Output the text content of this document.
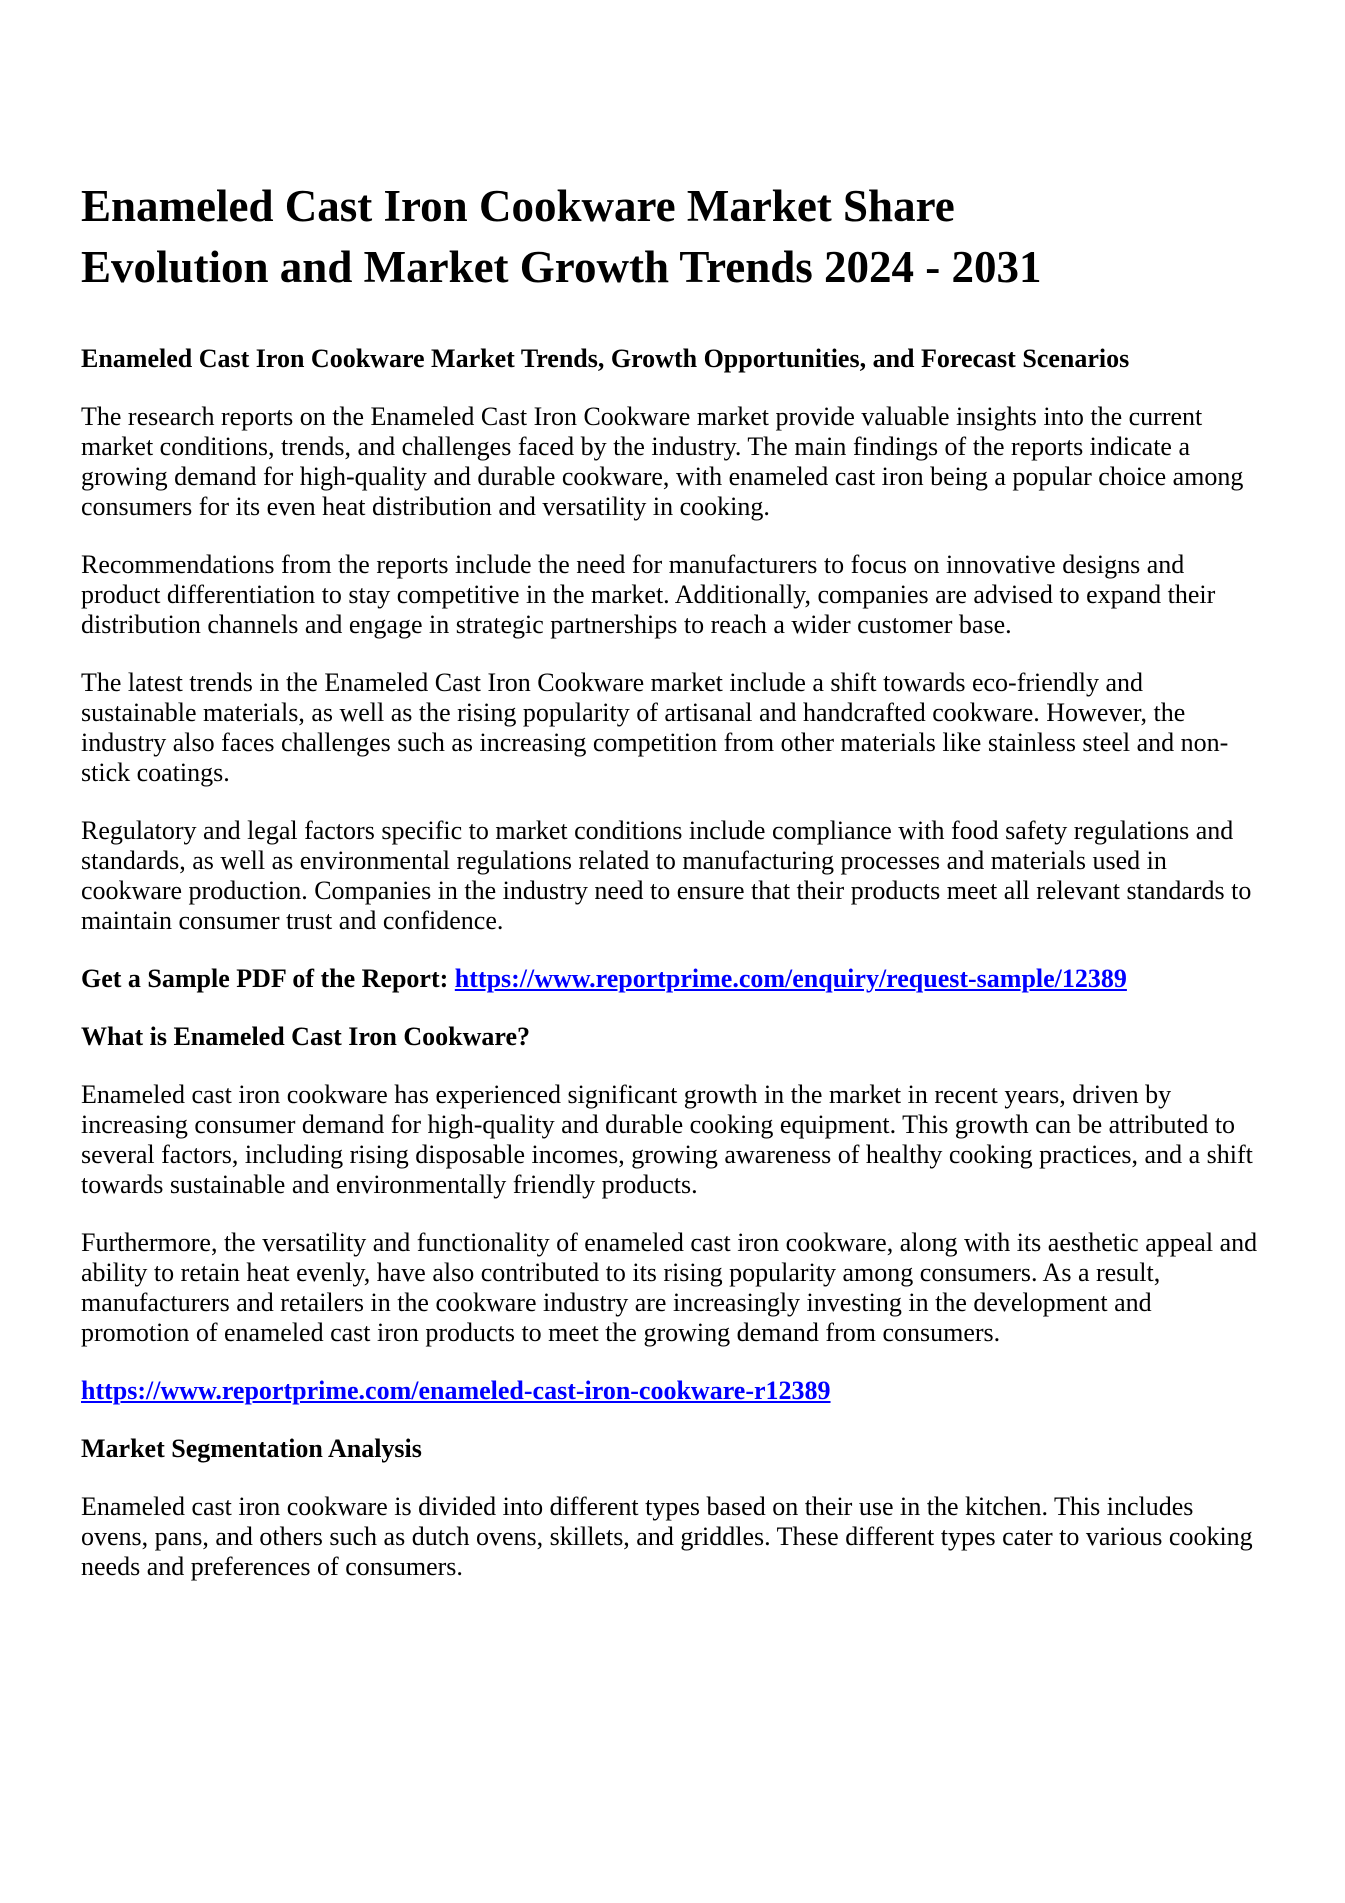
Enameled Cast Iron Cookware Market Share Evolution and Market Growth Trends 2024 - 2031

Enameled Cast Iron Cookware Market Trends, Growth Opportunities, and Forecast Scenarios

The research reports on the Enameled Cast Iron Cookware market provide valuable insights into the current market conditions, trends, and challenges faced by the industry. The main findings of the reports indicate a growing demand for high-quality and durable cookware, with enameled cast iron being a popular choice among consumers for its even heat distribution and versatility in cooking.

Recommendations from the reports include the need for manufacturers to focus on innovative designs and product differentiation to stay competitive in the market. Additionally, companies are advised to expand their distribution channels and engage in strategic partnerships to reach a wider customer base.

The latest trends in the Enameled Cast Iron Cookware market include a shift towards eco-friendly and sustainable materials, as well as the rising popularity of artisanal and handcrafted cookware. However, the industry also faces challenges such as increasing competition from other materials like stainless steel and non-stick coatings.

Regulatory and legal factors specific to market conditions include compliance with food safety regulations and standards, as well as environmental regulations related to manufacturing processes and materials used in cookware production. Companies in the industry need to ensure that their products meet all relevant standards to maintain consumer trust and confidence.

Get a Sample PDF of the Report: https://www.reportprime.com/enquiry/request-sample/12389

What is Enameled Cast Iron Cookware?

Enameled cast iron cookware has experienced significant growth in the market in recent years, driven by increasing consumer demand for high-quality and durable cooking equipment. This growth can be attributed to several factors, including rising disposable incomes, growing awareness of healthy cooking practices, and a shift towards sustainable and environmentally friendly products.

Furthermore, the versatility and functionality of enameled cast iron cookware, along with its aesthetic appeal and ability to retain heat evenly, have also contributed to its rising popularity among consumers. As a result, manufacturers and retailers in the cookware industry are increasingly investing in the development and promotion of enameled cast iron products to meet the growing demand from consumers.

https://www.reportprime.com/enameled-cast-iron-cookware-r12389

Market Segmentation Analysis

Enameled cast iron cookware is divided into different types based on their use in the kitchen. This includes ovens, pans, and others such as dutch ovens, skillets, and griddles. These different types cater to various cooking needs and preferences of consumers.
